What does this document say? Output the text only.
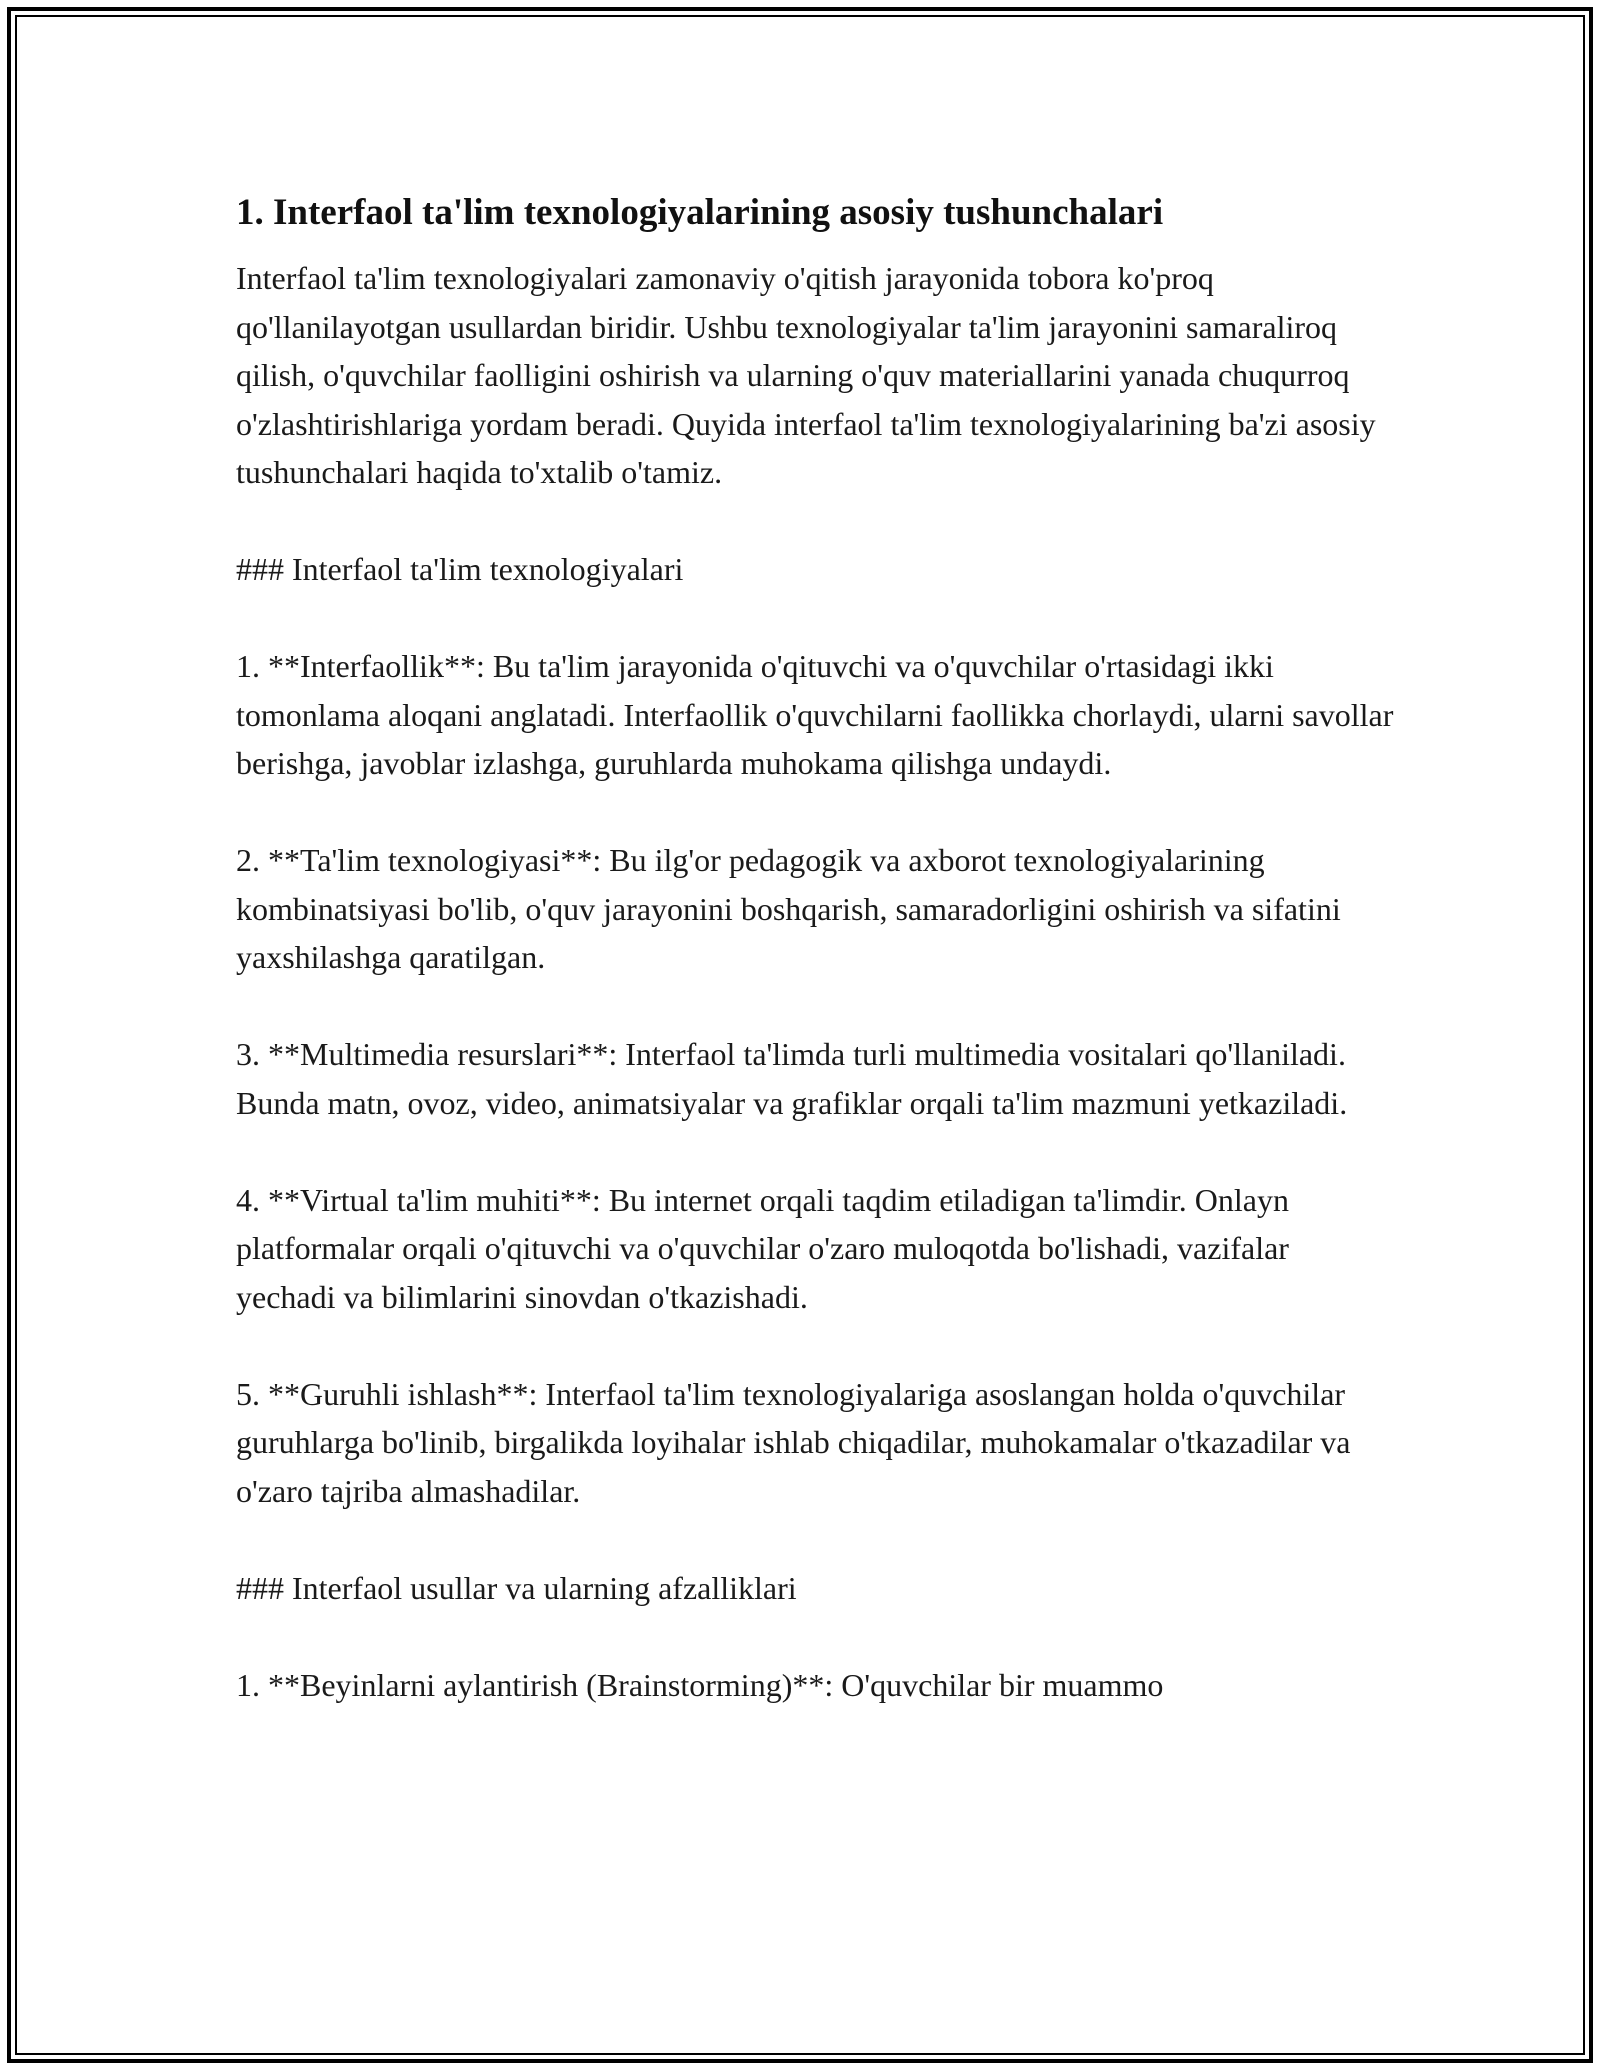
1. Interfaol ta'lim texnologiyalarining asosiy tushunchalari

Interfaol ta'lim texnologiyalari zamonaviy o'qitish jarayonida tobora ko'proq qo'llanilayotgan usullardan biridir. Ushbu texnologiyalar ta'lim jarayonini samaraliroq qilish, o'quvchilar faolligini oshirish va ularning o'quv materiallarini yanada chuqurroq o'zlashtirishlariga yordam beradi. Quyida interfaol ta'lim texnologiyalarining ba'zi asosiy tushunchalari haqida to'xtalib o'tamiz.

### Interfaol ta'lim texnologiyalari

1. **Interfaollik**: Bu ta'lim jarayonida o'qituvchi va o'quvchilar o'rtasidagi ikki tomonlama aloqani anglatadi. Interfaollik o'quvchilarni faollikka chorlaydi, ularni savollar berishga, javoblar izlashga, guruhlarda muhokama qilishga undaydi.

2. **Ta'lim texnologiyasi**: Bu ilg'or pedagogik va axborot texnologiyalarining kombinatsiyasi bo'lib, o'quv jarayonini boshqarish, samaradorligini oshirish va sifatini yaxshilashga qaratilgan.

3. **Multimedia resurslari**: Interfaol ta'limda turli multimedia vositalari qo'llaniladi. Bunda matn, ovoz, video, animatsiyalar va grafiklar orqali ta'lim mazmuni yetkaziladi.

4. **Virtual ta'lim muhiti**: Bu internet orqali taqdim etiladigan ta'limdir. Onlayn platformalar orqali o'qituvchi va o'quvchilar o'zaro muloqotda bo'lishadi, vazifalar yechadi va bilimlarini sinovdan o'tkazishadi.

5. **Guruhli ishlash**: Interfaol ta'lim texnologiyalariga asoslangan holda o'quvchilar guruhlarga bo'linib, birgalikda loyihalar ishlab chiqadilar, muhokamalar o'tkazadilar va o'zaro tajriba almashadilar.

### Interfaol usullar va ularning afzalliklari

1. **Beyinlarni aylantirish (Brainstorming)**: O'quvchilar bir muammo
